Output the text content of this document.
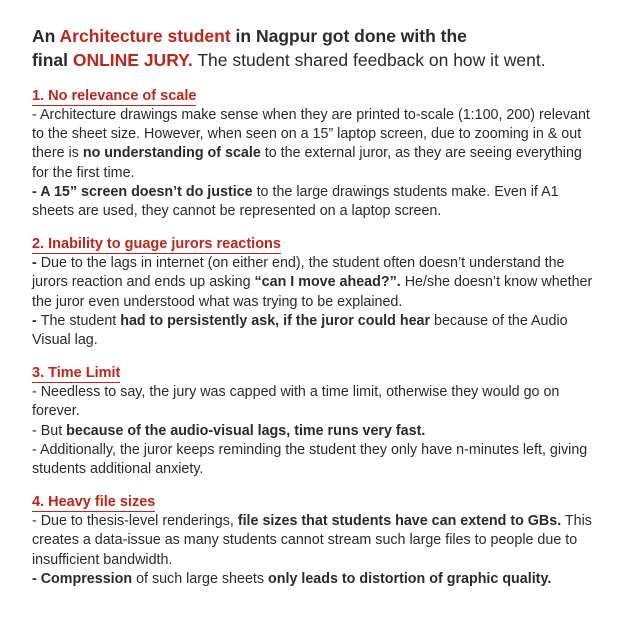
An Architecture student in Nagpur got done with the
final ONLINE JURY. The student shared feedback on how it went.
1. No relevance of scale

- Architecture drawings make sense when they are printed to-scale (1:100, 200) relevant to the sheet size. However, when seen on a 15” laptop screen, due to zooming in & out there is no understanding of scale to the external juror, as they are seeing everything for the first time.

- A 15” screen doesn’t do justice to the large drawings students make. Even if A1 sheets are used, they cannot be represented on a laptop screen.

2. Inability to guage jurors reactions

- Due to the lags in internet (on either end), the student often doesn’t understand the jurors reaction and ends up asking “can I move ahead?”. He/she doesn’t know whether the juror even understood what was trying to be explained.

- The student had to persistently ask, if the juror could hear because of the Audio Visual lag.

3. Time Limit

- Needless to say, the jury was capped with a time limit, otherwise they would go on forever.

- But because of the audio-visual lags, time runs very fast.

- Additionally, the juror keeps reminding the student they only have n-minutes left, giving students additional anxiety.

4. Heavy file sizes

- Due to thesis-level renderings, file sizes that students have can extend to GBs. This creates a data-issue as many students cannot stream such large files to people due to insufficient bandwidth.

- Compression of such large sheets only leads to distortion of graphic quality.
